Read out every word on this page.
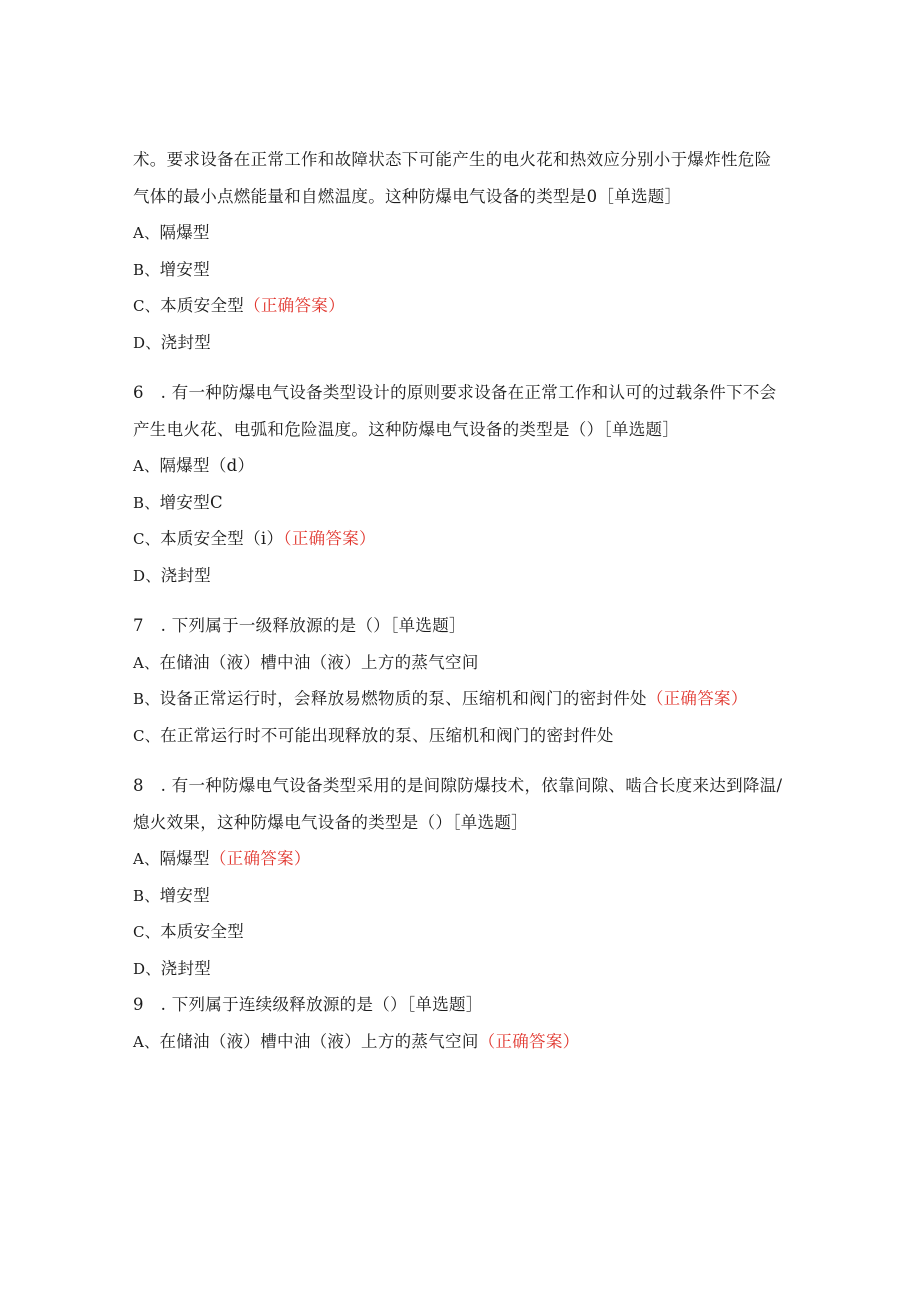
术。要求设备在正常工作和故障状态下可能产生的电火花和热效应分别小于爆炸性危险
气体的最小点燃能量和自燃温度。这种防爆电气设备的类型是0［单选题］
A、隔爆型
B、增安型
C、本质安全型（正确答案）
D、浇封型
6　. 有一种防爆电气设备类型设计的原则要求设备在正常工作和认可的过载条件下不会
产生电火花、电弧和危险温度。这种防爆电气设备的类型是（）［单选题］
A、隔爆型（d）
B、增安型C
C、本质安全型（i）（正确答案）
D、浇封型
7　. 下列属于一级释放源的是（）［单选题］
A、在储油（液）槽中油（液）上方的蒸气空间
B、设备正常运行时，会释放易燃物质的泵、压缩机和阀门的密封件处（正确答案）
C、在正常运行时不可能出现释放的泵、压缩机和阀门的密封件处
8　. 有一种防爆电气设备类型采用的是间隙防爆技术，依靠间隙、啮合长度来达到降温/
熄火效果，这种防爆电气设备的类型是（）［单选题］
A、隔爆型（正确答案）
B、增安型
C、本质安全型
D、浇封型
9　. 下列属于连续级释放源的是（）［单选题］
A、在储油（液）槽中油（液）上方的蒸气空间（正确答案）
